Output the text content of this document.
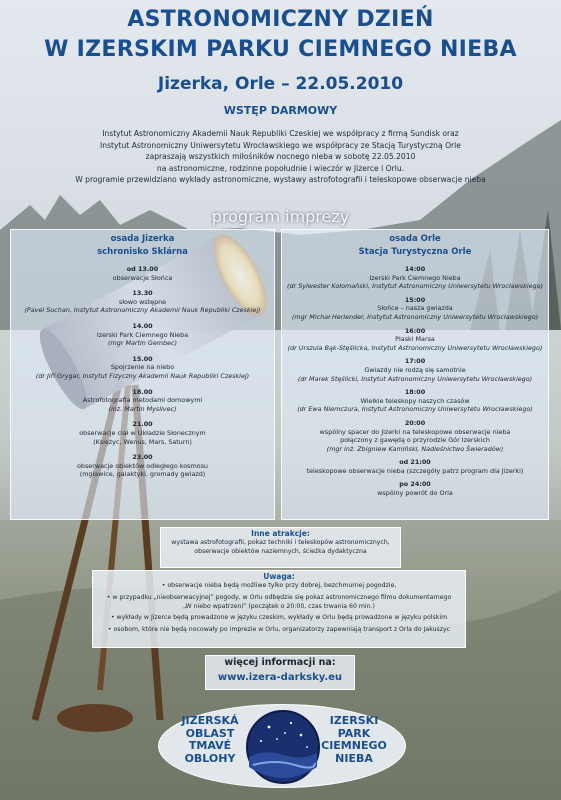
ASTRONOMICZNY DZIEŃ
W IZERSKIM PARKU CIEMNEGO NIEBA
Jizerka, Orle – 22.05.2010
WSTĘP DARMOWY
Instytut Astronomiczny Akademii Nauk Republiki Czeskiej we współpracy z firmą Sundisk oraz
Instytut Astronomiczny Uniwersytetu Wrocławskiego we współpracy ze Stacją Turystyczną Orle
zapraszają wszystkich miłośników nocnego nieba w sobotę 22.05.2010
na astronomiczne, rodzinne popołudnie i wieczór w Jizerce i Orlu.
W programie przewidziano wykłady astronomiczne, wystawy astrofotografii i teleskopowe obserwacje nieba
program imprezy
osada Jizerka
schronisko Sklárna
od 13.00
obserwacje Słońca
13.30
słowo wstępne
(Pavel Suchan, Instytut Astronomiczny Akademii Nauk Republiki Czeskiej)
14.00
Izerski Park Ciemnego Nieba
(mgr Martin Gembec)
15.00
Spojrzenie na niebo
(dr Jiří Grygar, Instytut Fizyczny Akademii Nauk Republiki Czeskiej)
18.00
Astrofotografia metodami domowymi
(inż. Martin Myslivec)
21.00
obserwacje ciał w Układzie Słonecznym
(Księżyc, Wenus, Mars, Saturn)
23.00
obserwacje obiektów odległego kosmosu
(mgławice, galaktyki, gromady gwiazd)
osada Orle
Stacja Turystyczna Orle
14:00
Izerski Park Ciemnego Nieba
(dr Sylwester Kołomański, Instytut Astronomiczny Uniwersytetu Wrocławskiego)
15:00
Słońce – nasza gwiazda
(mgr Michał Herlender, Instytut Astronomiczny Uniwersytetu Wrocławskiego)
16:00
Plaski Marsa
(dr Urszula Bąk-Stęślicka, Instytut Astronomiczny Uniwersytetu Wrocławskiego)
17:00
Gwiazdy nie rodzą się samotnie
(dr Marek Stęślicki, Instytut Astronomiczny Uniwersytetu Wrocławskiego)
18:00
Wielkie teleskopy naszych czasów
(dr Ewa Niemczura, Instytut Astronomiczny Uniwersytetu Wrocławskiego)
20:00
wspólny spacer do Jizerki na teleskopowe obserwacje nieba
połączony z gawędą o przyrodzie Gór Izerskich
(mgr inż. Zbigniew Kamiński, Nadleśnictwo Świeradów)
od 21:00
teleskopowe obserwacje nieba (szczegóły patrz program dla Jizerki)
po 24:00
wspólny powrót do Orla
Inne atrakcje:
wystawa astrofotografii, pokaz techniki i teleskopów astronomicznych,
obserwacje obiektów naziemnych, ścieżka dydaktyczna
Uwaga:
• obserwacje nieba będą możliwe tylko przy dobrej, bezchmurnej pogodzie,
• w przypadku „nieobserwacyjnej” pogody, w Orlu odbędzie się pokaz astronomicznego filmu dokumentarnego
„W niebo wpatrzeni” (początek o 20:00, czas trwania 60 min.)
• wykłady w Jizerce będą prowadzone w języku czeskim, wykłady w Orlu będą prowadzone w języku polskim
• osobom, które nie będą nocowały po imprezie w Orlu, organizatorzy zapewniają transport z Orla do Jakuszyc
więcej informacji na:
www.izera-darksky.eu
JIZERSKÁ
OBLAST
TMAVÉ
OBLOHY
IZERSKI
PARK
CIEMNEGO
NIEBA
